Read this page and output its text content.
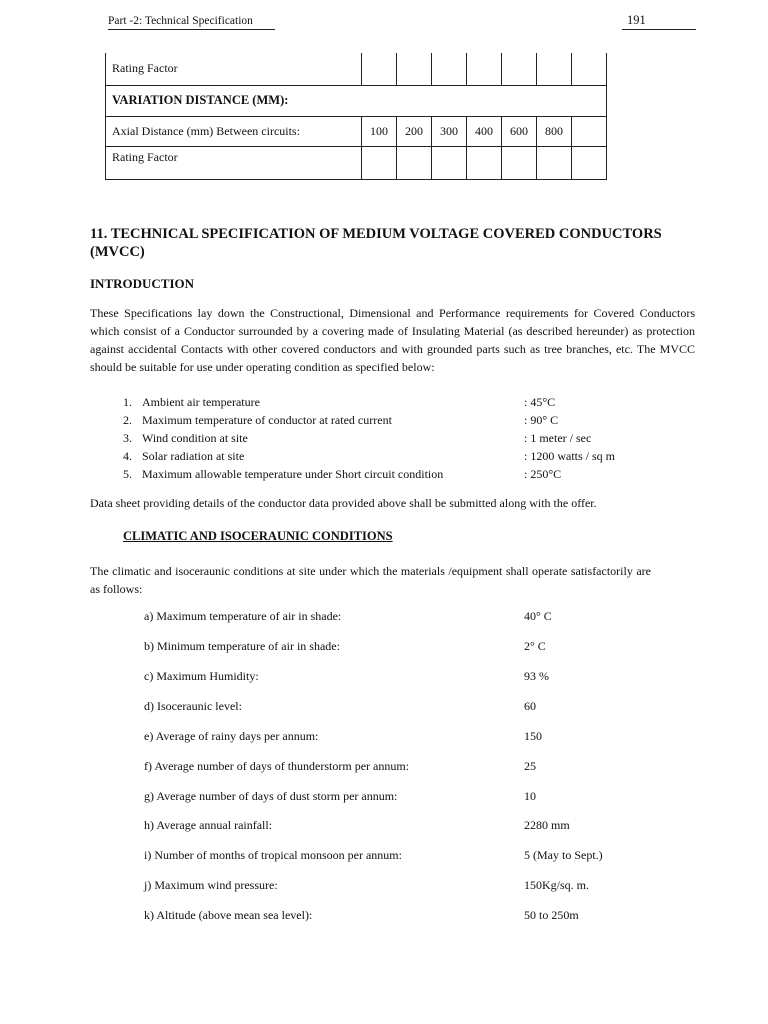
Part -2: Technical Specification	191
Rating Factor							
VARIATION DISTANCE (MM):							
Axial Distance (mm) Between circuits:	100	200	300	400	600	800	
Rating Factor							
11. TECHNICAL SPECIFICATION OF MEDIUM VOLTAGE COVERED CONDUCTORS (MVCC)
INTRODUCTION
These Specifications lay down the Constructional, Dimensional and Performance requirements for Covered Conductors which consist of a Conductor surrounded by a covering made of Insulating Material (as described hereunder) as protection against accidental Contacts with other covered conductors and with grounded parts such as tree branches, etc. The MVCC should be suitable for use under operating condition as specified below:
1. Ambient air temperature	: 45°C
2. Maximum temperature of conductor at rated current	: 90° C
3. Wind condition at site	: 1 meter / sec
4. Solar radiation at site	: 1200 watts / sq m
5. Maximum allowable temperature under Short circuit condition	: 250°C
Data sheet providing details of the conductor data provided above shall be submitted along with the offer.
CLIMATIC AND ISOCERAUNIC CONDITIONS
The climatic and isoceraunic conditions at site under which the materials /equipment shall operate satisfactorily are as follows:
a) Maximum temperature of air in shade:	40° C
b) Minimum temperature of air in shade:	2° C
c) Maximum Humidity:	93 %
d) Isoceraunic level:	60
e) Average of rainy days per annum:	150
f) Average number of days of thunderstorm per annum:	25
g) Average number of days of dust storm per annum:	10
h) Average annual rainfall:	2280 mm
i) Number of months of tropical monsoon per annum:	5 (May to Sept.)
j) Maximum wind pressure:	150Kg/sq. m.
k) Altitude (above mean sea level):	50 to 250m
